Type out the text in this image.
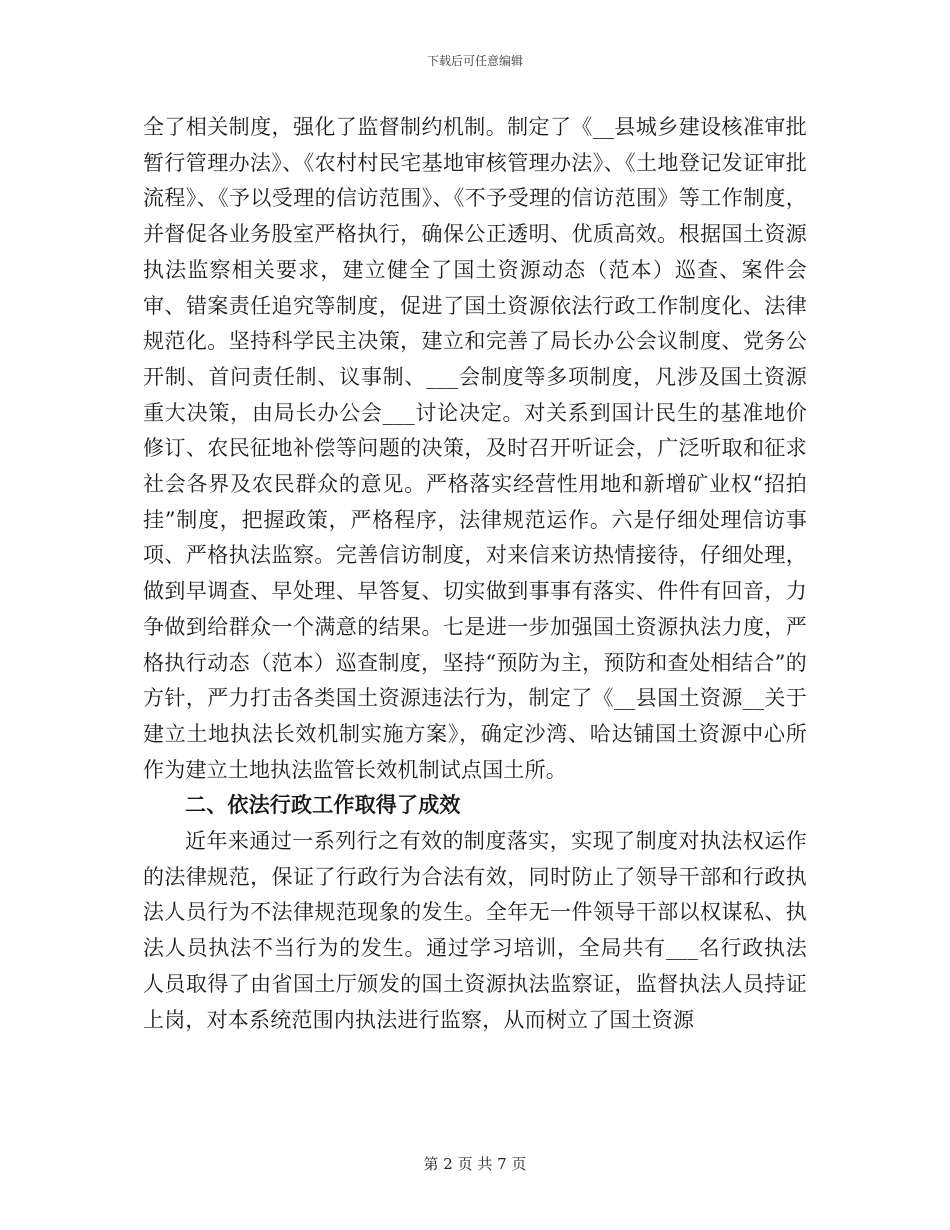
下载后可任意编辑

全了相关制度，强化了监督制约机制。制定了《__县城乡建设核准审批暂行管理办法》、《农村村民宅基地审核管理办法》、《土地登记发证审批流程》、《予以受理的信访范围》、《不予受理的信访范围》等工作制度，并督促各业务股室严格执行，确保公正透明、优质高效。根据国土资源执法监察相关要求，建立健全了国土资源动态（范本）巡查、案件会审、错案责任追究等制度，促进了国土资源依法行政工作制度化、法律规范化。坚持科学民主决策，建立和完善了局长办公会议制度、党务公开制、首问责任制、议事制、___会制度等多项制度，凡涉及国土资源重大决策，由局长办公会___讨论决定。对关系到国计民生的基准地价修订、农民征地补偿等问题的决策，及时召开听证会，广泛听取和征求社会各界及农民群众的意见。严格落实经营性用地和新增矿业权“招拍挂”制度，把握政策，严格程序，法律规范运作。六是仔细处理信访事项、严格执法监察。完善信访制度，对来信来访热情接待，仔细处理，做到早调查、早处理、早答复、切实做到事事有落实、件件有回音，力争做到给群众一个满意的结果。七是进一步加强国土资源执法力度，严格执行动态（范本）巡查制度，坚持“预防为主，预防和查处相结合”的方针，严力打击各类国土资源违法行为，制定了《__县国土资源__关于建立土地执法长效机制实施方案》，确定沙湾、哈达铺国土资源中心所作为建立土地执法监管长效机制试点国土所。

二、依法行政工作取得了成效

近年来通过一系列行之有效的制度落实，实现了制度对执法权运作的法律规范，保证了行政行为合法有效，同时防止了领导干部和行政执法人员行为不法律规范现象的发生。全年无一件领导干部以权谋私、执法人员执法不当行为的发生。通过学习培训，全局共有___名行政执法人员取得了由省国土厅颁发的国土资源执法监察证，监督执法人员持证上岗，对本系统范围内执法进行监察，从而树立了国土资源

第 2 页 共 7 页
